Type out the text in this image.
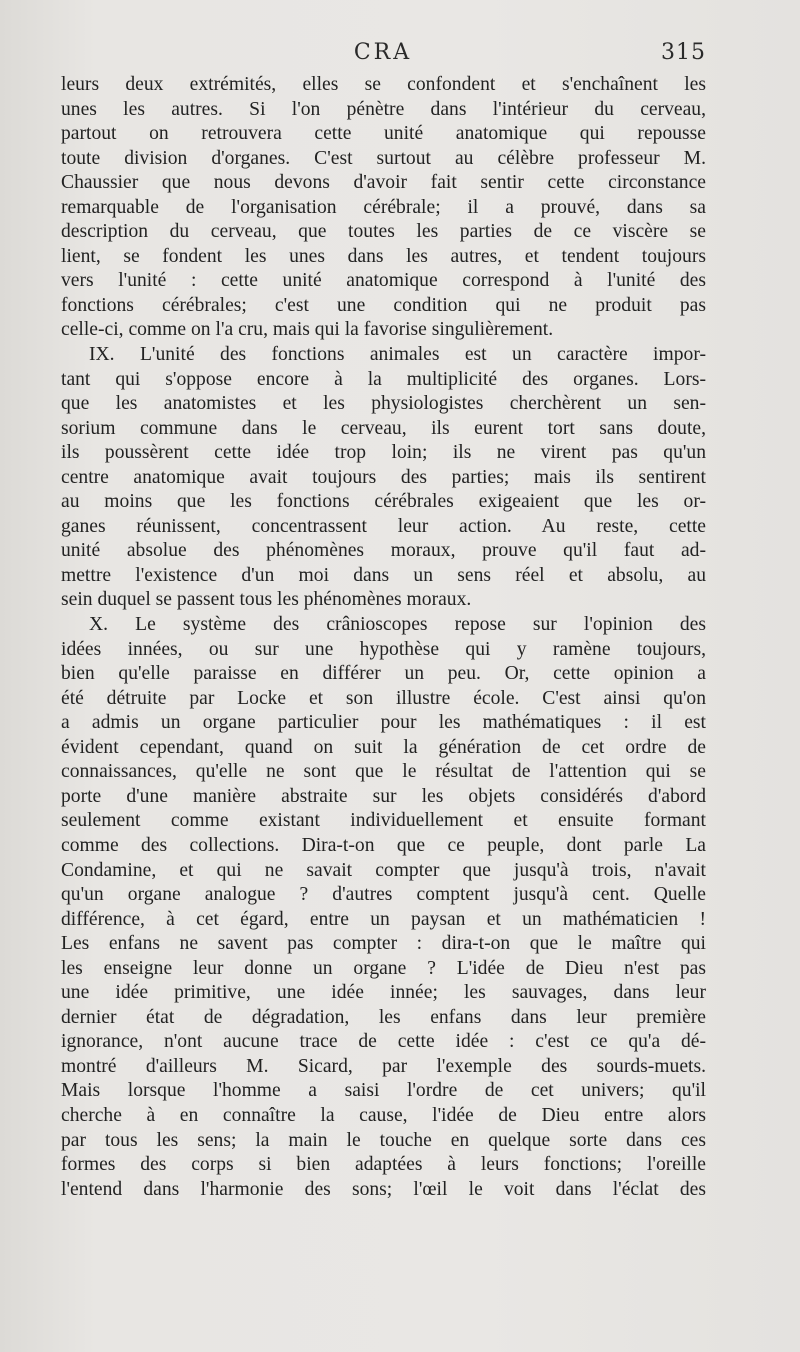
CRA	315
leurs deux extrémités, elles se confondent et s'enchaînent les
unes les autres. Si l'on pénètre dans l'intérieur du cerveau,
partout on retrouvera cette unité anatomique qui repousse
toute division d'organes. C'est surtout au célèbre professeur M.
Chaussier que nous devons d'avoir fait sentir cette circonstance
remarquable de l'organisation cérébrale; il a prouvé, dans sa
description du cerveau, que toutes les parties de ce viscère se
lient, se fondent les unes dans les autres, et tendent toujours
vers l'unité : cette unité anatomique correspond à l'unité des
fonctions cérébrales; c'est une condition qui ne produit pas
celle-ci, comme on l'a cru, mais qui la favorise singulièrement.
IX. L'unité des fonctions animales est un caractère impor-
tant qui s'oppose encore à la multiplicité des organes. Lors-
que les anatomistes et les physiologistes cherchèrent un sen-
sorium commune dans le cerveau, ils eurent tort sans doute,
ils poussèrent cette idée trop loin; ils ne virent pas qu'un
centre anatomique avait toujours des parties; mais ils sentirent
au moins que les fonctions cérébrales exigeaient que les or-
ganes réunissent, concentrassent leur action. Au reste, cette
unité absolue des phénomènes moraux, prouve qu'il faut ad-
mettre l'existence d'un moi dans un sens réel et absolu, au
sein duquel se passent tous les phénomènes moraux.
X. Le système des crânioscopes repose sur l'opinion des
idées innées, ou sur une hypothèse qui y ramène toujours,
bien qu'elle paraisse en différer un peu. Or, cette opinion a
été détruite par Locke et son illustre école. C'est ainsi qu'on
a admis un organe particulier pour les mathématiques : il est
évident cependant, quand on suit la génération de cet ordre de
connaissances, qu'elle ne sont que le résultat de l'attention qui se
porte d'une manière abstraite sur les objets considérés d'abord
seulement comme existant individuellement et ensuite formant
comme des collections. Dira-t-on que ce peuple, dont parle La
Condamine, et qui ne savait compter que jusqu'à trois, n'avait
qu'un organe analogue ? d'autres comptent jusqu'à cent. Quelle
différence, à cet égard, entre un paysan et un mathématicien !
Les enfans ne savent pas compter : dira-t-on que le maître qui
les enseigne leur donne un organe ? L'idée de Dieu n'est pas
une idée primitive, une idée innée; les sauvages, dans leur
dernier état de dégradation, les enfans dans leur première
ignorance, n'ont aucune trace de cette idée : c'est ce qu'a dé-
montré d'ailleurs M. Sicard, par l'exemple des sourds-muets.
Mais lorsque l'homme a saisi l'ordre de cet univers; qu'il
cherche à en connaître la cause, l'idée de Dieu entre alors
par tous les sens; la main le touche en quelque sorte dans ces
formes des corps si bien adaptées à leurs fonctions; l'oreille
l'entend dans l'harmonie des sons; l'œil le voit dans l'éclat des
